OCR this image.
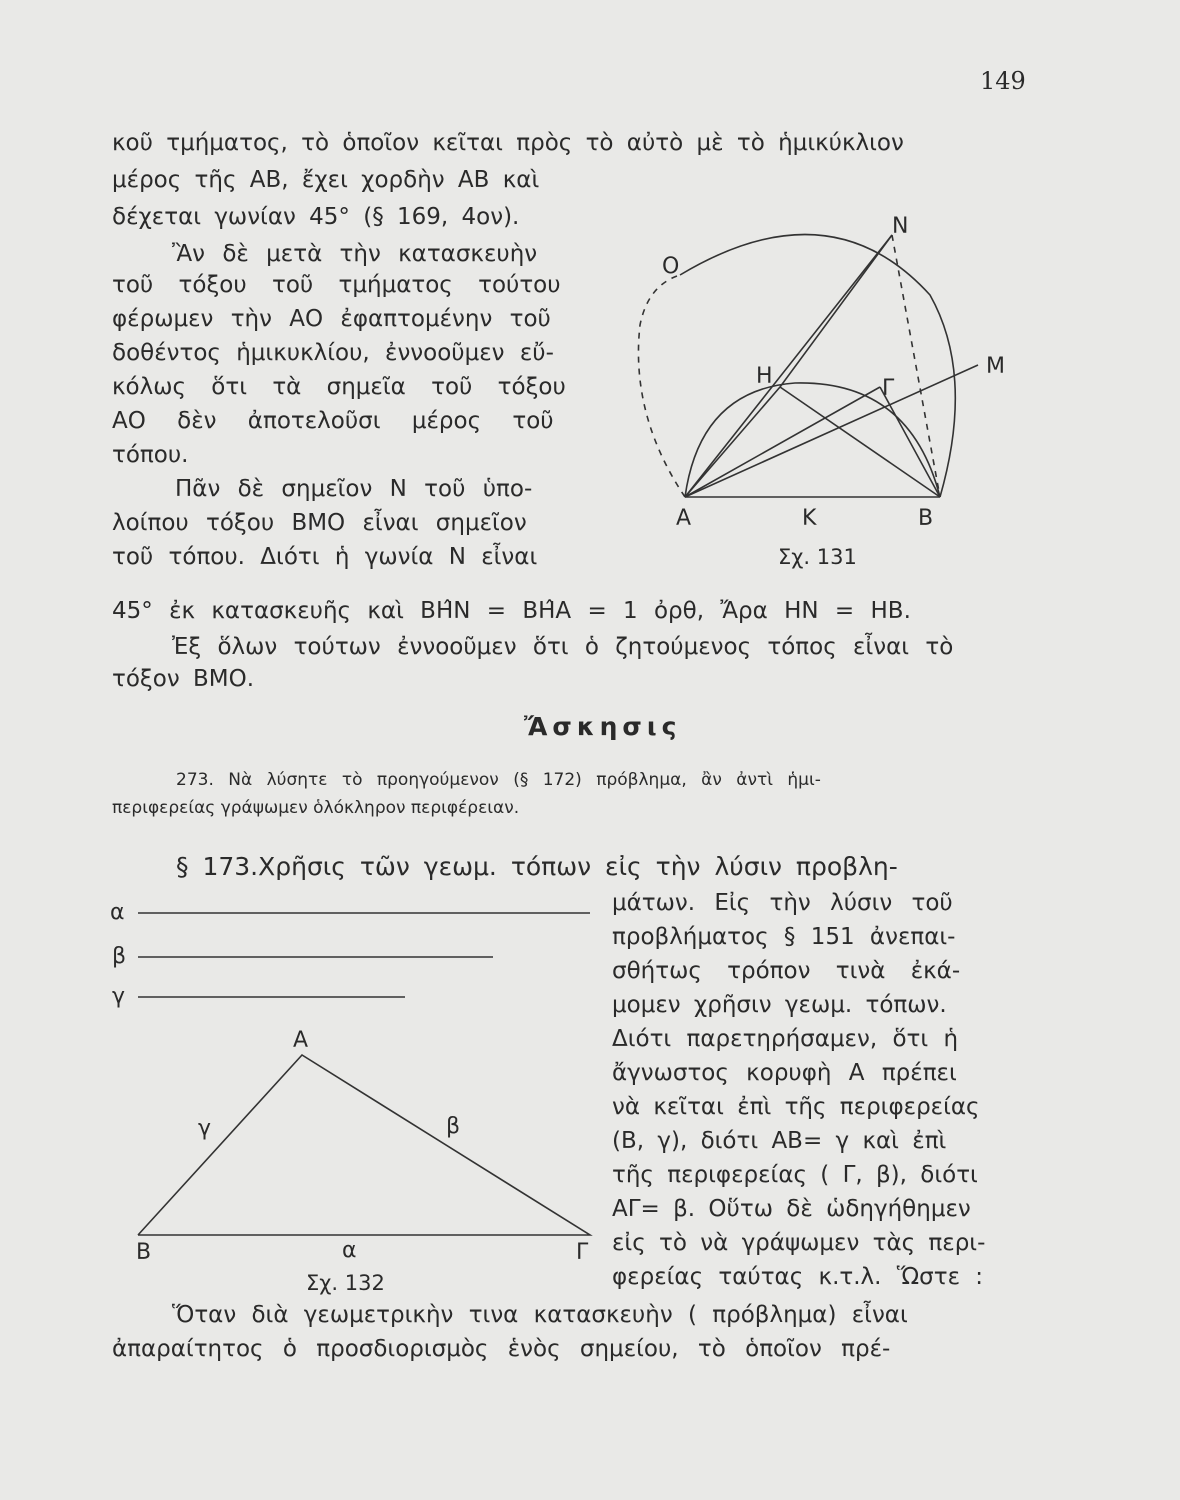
149
κοῦ τμήματος, τὸ ὁποῖον κεῖται πρὸς τὸ αὐτὸ μὲ τὸ ἡμικύκλιον
μέρος τῆς ΑΒ, ἔχει χορδὴν ΑΒ καὶ
δέχεται γωνίαν 45° (§ 169, 4ον).
Ἂν δὲ μετὰ τὴν κατασκευὴν
τοῦ τόξου τοῦ τμήματος τούτου
φέρωμεν τὴν ΑΟ ἐφαπτομένην τοῦ
δοθέντος ἡμικυκλίου, ἐννοοῦμεν εὔ-
κόλως ὅτι τὰ σημεῖα τοῦ τόξου
ΑΟ δὲν ἀποτελοῦσι μέρος τοῦ
τόπου.
Πᾶν δὲ σημεῖον Ν τοῦ ὑπο-
λοίπου τόξου ΒΜΟ εἶναι σημεῖον
τοῦ τόπου. Διότι ἡ γωνία Ν εἶναι
45° ἐκ κατασκευῆς καὶ ΒΗ̂Ν = ΒΗ̂Α = 1 ὀρθ, Ἄρα ΗΝ = ΗΒ.
Ἐξ ὅλων τούτων ἐννοοῦμεν ὅτι ὁ ζητούμενος τόπος εἶναι τὸ
τόξον ΒΜΟ.
Ἄσκησις
273. Νὰ λύσητε τὸ προηγούμενον (§ 172) πρόβλημα, ἂν ἀντὶ ἡμι-
περιφερείας γράψωμεν ὁλόκληρον περιφέρειαν.
§ 173.Χρῆσις τῶν γεωμ. τόπων εἰς τὴν λύσιν προβλη-
μάτων. Εἰς τὴν λύσιν τοῦ
προβλήματος § 151 ἀνεπαι-
σθήτως τρόπον τινὰ ἐκά-
μομεν χρῆσιν γεωμ. τόπων.
Διότι παρετηρήσαμεν, ὅτι ἡ
ἄγνωστος κορυφὴ Α πρέπει
νὰ κεῖται ἐπὶ τῆς περιφερείας
(Β, γ), διότι ΑΒ= γ καὶ ἐπὶ
τῆς περιφερείας ( Γ, β), διότι
ΑΓ= β. Οὕτω δὲ ὡδηγήθημεν
εἰς τὸ νὰ γράψωμεν τὰς περι-
φερείας ταύτας κ.τ.λ. Ὥστε :
Ὅταν διὰ γεωμετρικὴν τινα κατασκευὴν ( πρόβλημα) εἶναι
ἀπαραίτητος ὁ προσδιορισμὸς ἑνὸς σημείου, τὸ ὁποῖον πρέ-
Ο
Ν
Μ
Η	Γ
Α	Κ	Β
Σχ. 131
α
β
γ
Α
Β	Γ
γ	β
α
Σχ. 132
